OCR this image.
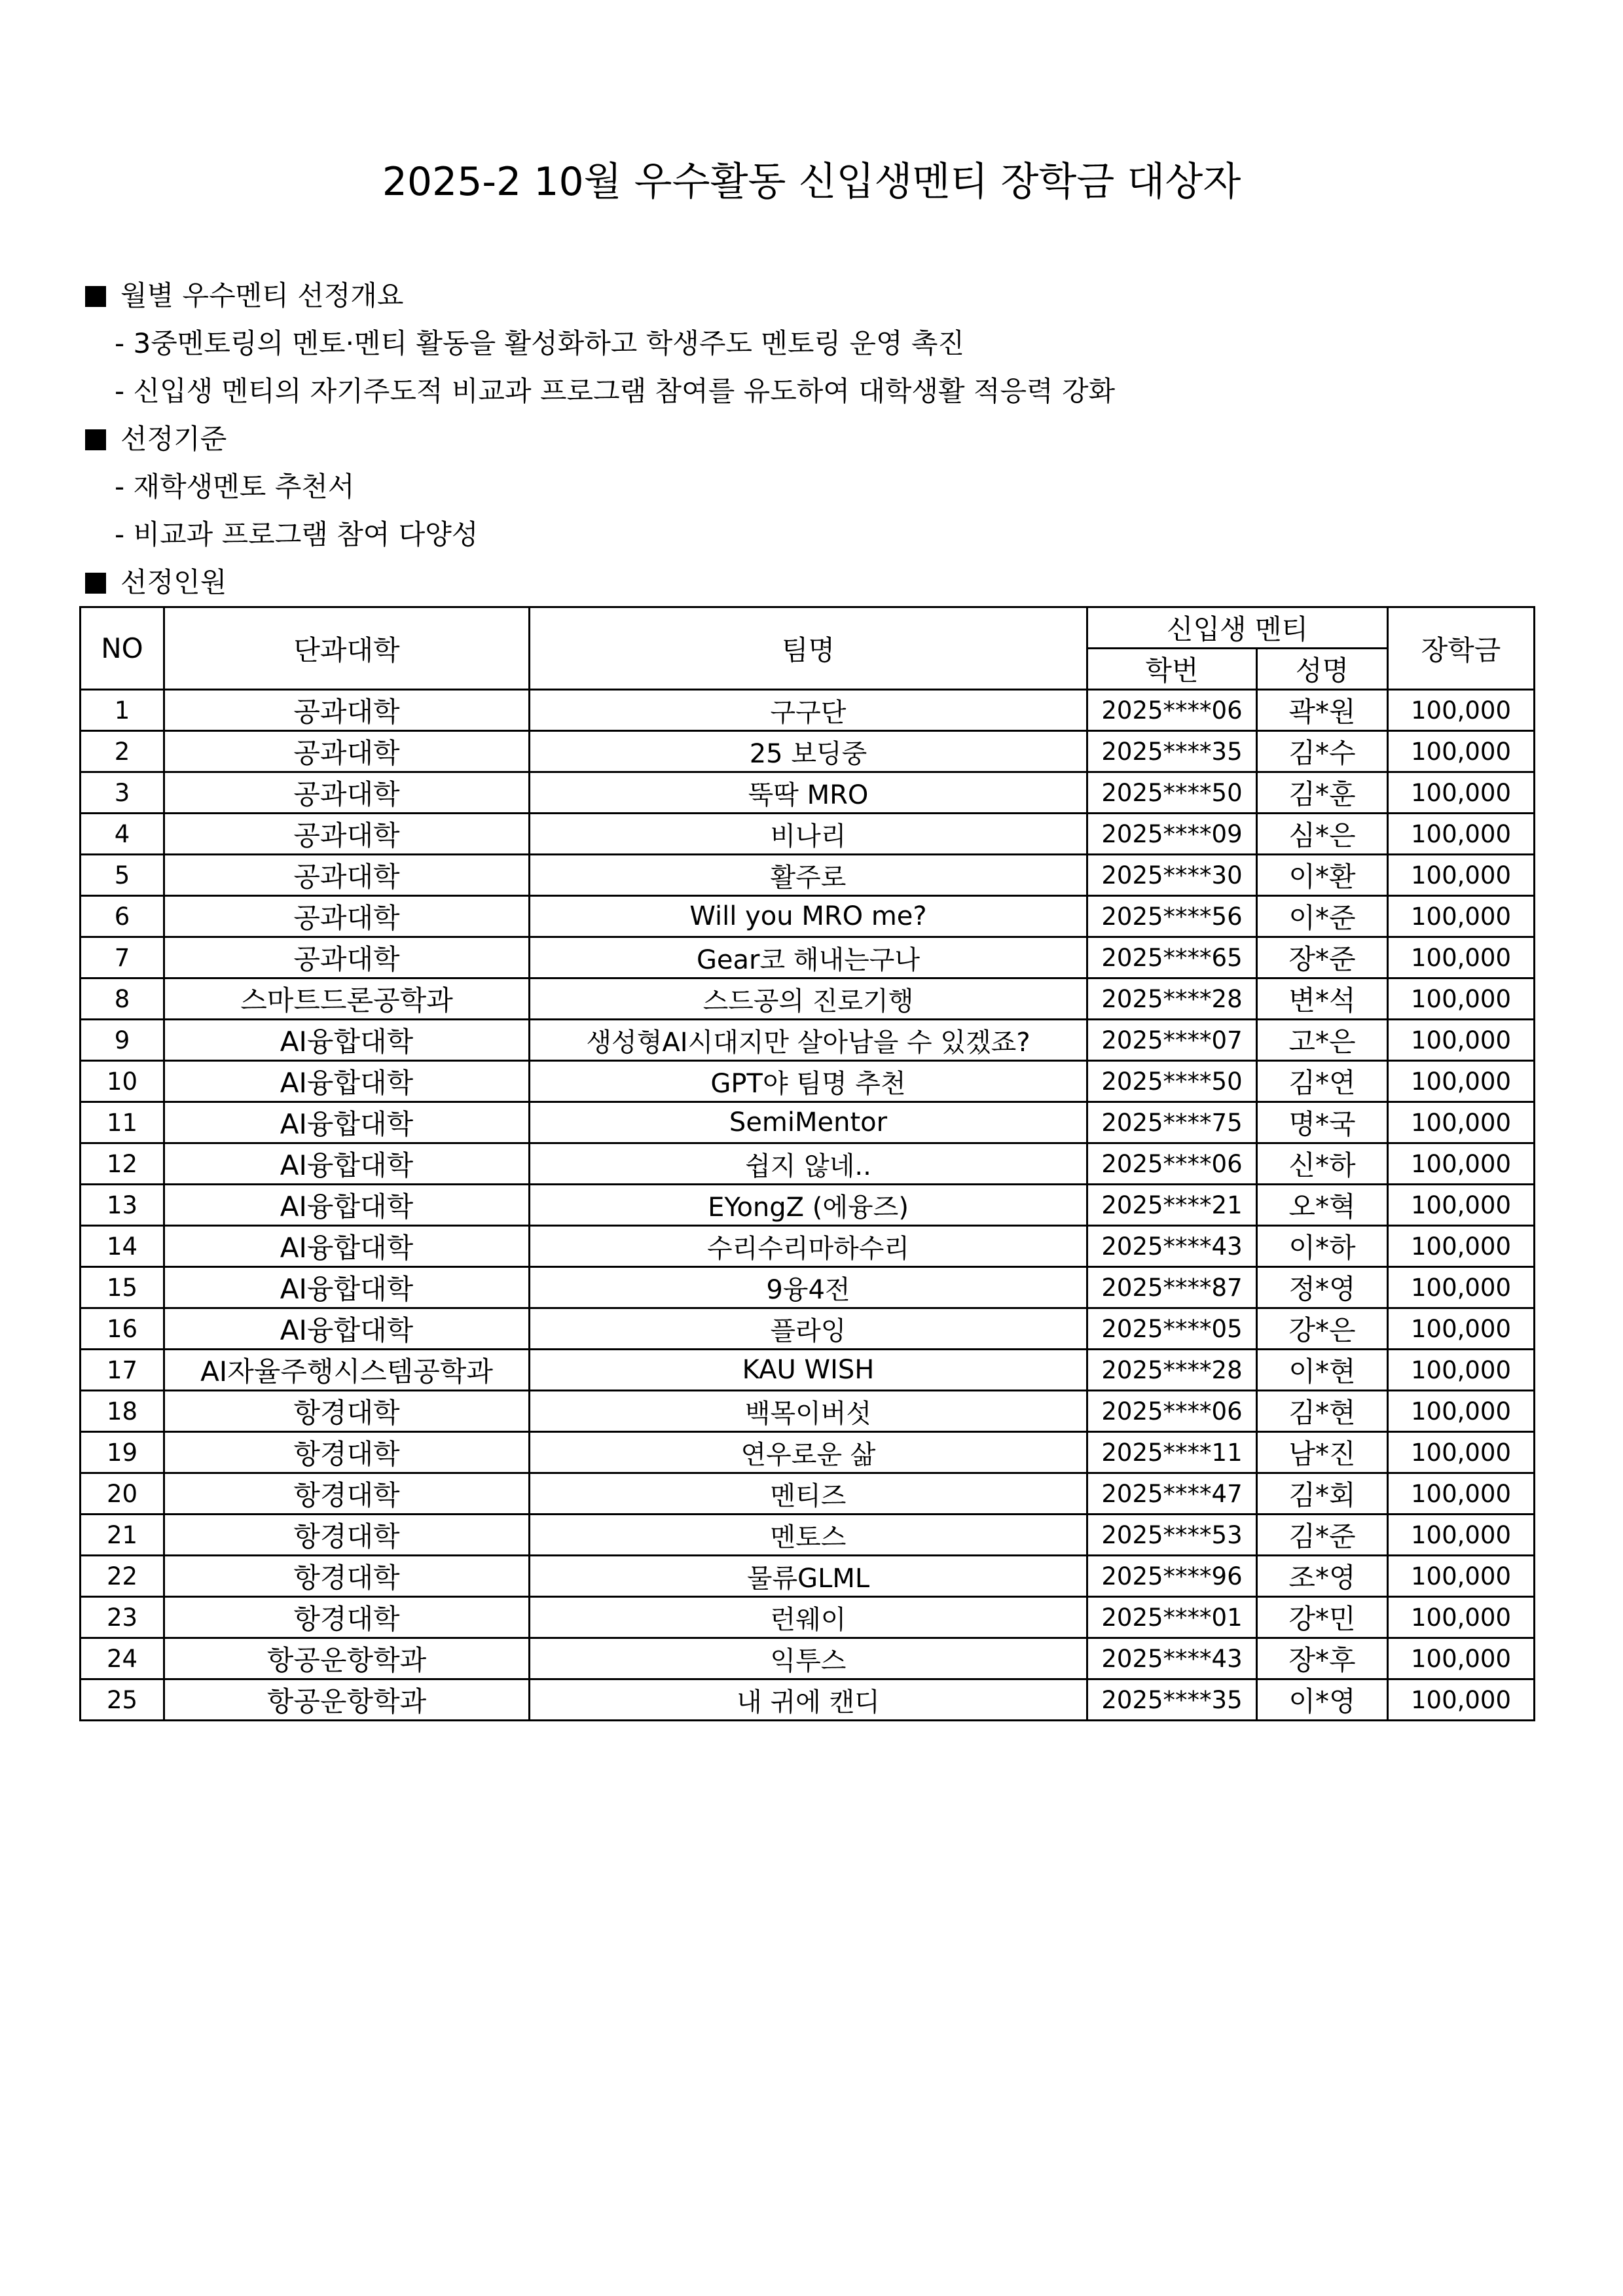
2025-2 10월 우수활동 신입생멘티 장학금 대상자
월별 우수멘티 선정개요
- 3중멘토링의 멘토·멘티 활동을 활성화하고 학생주도 멘토링 운영 촉진
- 신입생 멘티의 자기주도적 비교과 프로그램 참여를 유도하여 대학생활 적응력 강화
선정기준
- 재학생멘토 추천서
- 비교과 프로그램 참여 다양성
선정인원
NO	단과대학	팀명	신입생 멘티		장학금
			학번	성명	
1	공과대학	구구단	2025****06	곽*원	100,000
2	공과대학	25 보딩중	2025****35	김*수	100,000
3	공과대학	뚝딱 MRO	2025****50	김*훈	100,000
4	공과대학	비나리	2025****09	심*은	100,000
5	공과대학	활주로	2025****30	이*환	100,000
6	공과대학	Will you MRO me?	2025****56	이*준	100,000
7	공과대학	Gear코 해내는구나	2025****65	장*준	100,000
8	스마트드론공학과	스드공의 진로기행	2025****28	변*석	100,000
9	AI융합대학	생성형AI시대지만 살아남을 수 있겠죠?	2025****07	고*은	100,000
10	AI융합대학	GPT야 팀명 추천	2025****50	김*연	100,000
11	AI융합대학	SemiMentor	2025****75	명*국	100,000
12	AI융합대학	쉽지 않네..	2025****06	신*하	100,000
13	AI융합대학	EYongZ (에융즈)	2025****21	오*혁	100,000
14	AI융합대학	수리수리마하수리	2025****43	이*하	100,000
15	AI융합대학	9융4전	2025****87	정*영	100,000
16	AI융합대학	플라잉	2025****05	강*은	100,000
17	AI자율주행시스템공학과	KAU WISH	2025****28	이*현	100,000
18	항경대학	백목이버섯	2025****06	김*현	100,000
19	항경대학	연우로운 삶	2025****11	남*진	100,000
20	항경대학	멘티즈	2025****47	김*회	100,000
21	항경대학	멘토스	2025****53	김*준	100,000
22	항경대학	물류GLML	2025****96	조*영	100,000
23	항경대학	런웨이	2025****01	강*민	100,000
24	항공운항학과	익투스	2025****43	장*후	100,000
25	항공운항학과	내 귀에 캔디	2025****35	이*영	100,000
